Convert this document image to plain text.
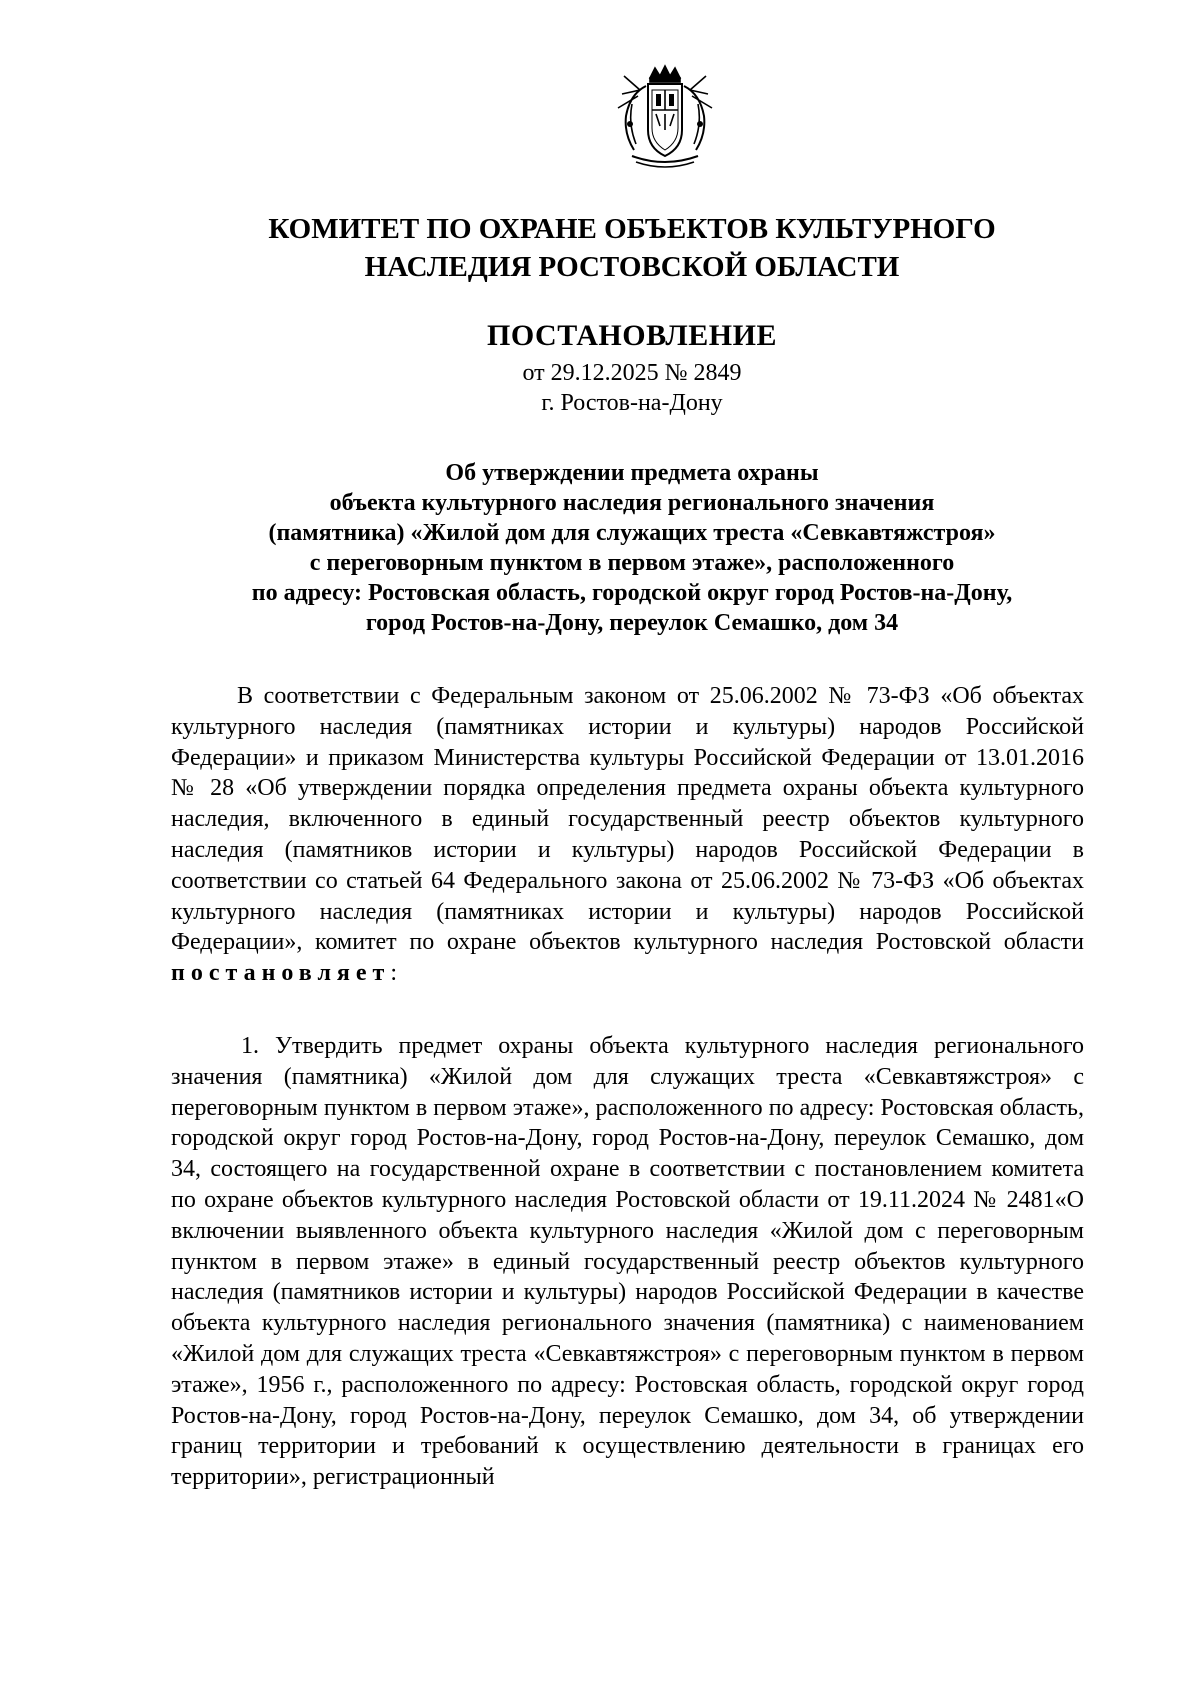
КОМИТЕТ ПО ОХРАНЕ ОБЪЕКТОВ КУЛЬТУРНОГО
НАСЛЕДИЯ РОСТОВСКОЙ ОБЛАСТИ
ПОСТАНОВЛЕНИЕ
от 29.12.2025 № 2849
г. Ростов-на-Дону
Об утверждении предмета охраны
объекта культурного наследия регионального значения
(памятника) «Жилой дом для служащих треста «Севкавтяжстроя»
с переговорным пунктом в первом этаже», расположенного
по адресу: Ростовская область, городской округ город Ростов-на-Дону,
город Ростов-на-Дону, переулок Семашко, дом 34

В соответствии с Федеральным законом от 25.06.2002 № 73-ФЗ «Об объектах культурного наследия (памятниках истории и культуры) народов Российской Федерации» и приказом Министерства культуры Российской Федерации от 13.01.2016 № 28 «Об утверждении порядка определения предмета охраны объекта культурного наследия, включенного в единый государственный реестр объектов культурного наследия (памятников истории и культуры) народов Российской Федерации в соответствии со статьей 64 Федерального закона от 25.06.2002 № 73-ФЗ «Об объектах культурного наследия (памятниках истории и культуры) народов Российской Федерации», комитет по охране объектов культурного наследия Ростовской области постановляет:

1. Утвердить предмет охраны объекта культурного наследия регионального значения (памятника) «Жилой дом для служащих треста «Севкавтяжстроя» с переговорным пунктом в первом этаже», расположенного по адресу: Ростовская область, городской округ город Ростов-на-Дону, город Ростов-на-Дону, переулок Семашко, дом 34, состоящего на государственной охране в соответствии с постановлением комитета по охране объектов культурного наследия Ростовской области от 19.11.2024 № 2481«О включении выявленного объекта культурного наследия «Жилой дом с переговорным пунктом в первом этаже» в единый государственный реестр объектов культурного наследия (памятников истории и культуры) народов Российской Федерации в качестве объекта культурного наследия регионального значения (памятника) с наименованием «Жилой дом для служащих треста «Севкавтяжстроя» с переговорным пунктом в первом этаже», 1956 г., расположенного по адресу: Ростовская область, городской округ город Ростов-на-Дону, город Ростов-на-Дону, переулок Семашко, дом 34, об утверждении границ территории и требований к осуществлению деятельности в границах его территории», регистрационный
